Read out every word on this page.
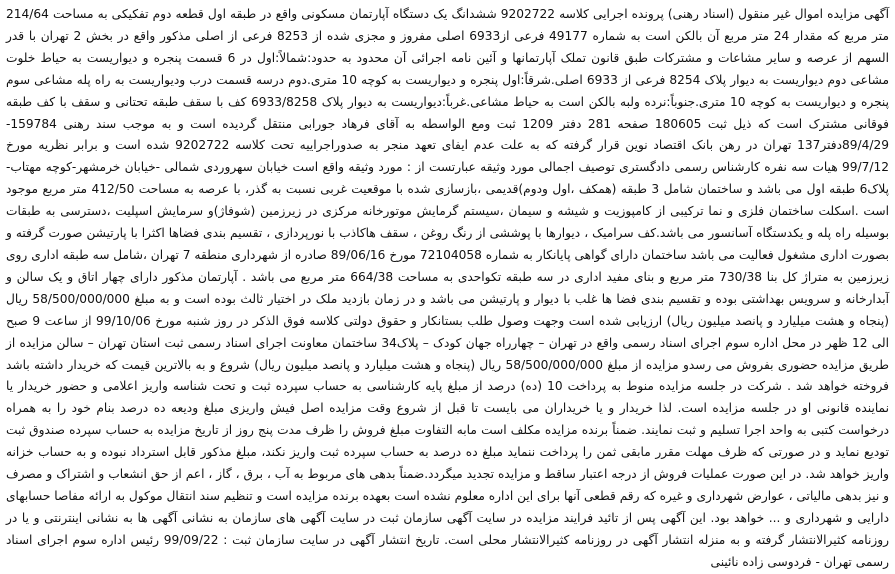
آگهی مزایده اموال غیر منقول (اسناد رهنی) پرونده اجرایی کلاسه 9202722 ششدانگ یک دستگاه آپارتمان مسکونی واقع در طبقه اول قطعه دوم تفکیکی به مساحت 214/64 متر مربع که مقدار 24 متر مربع آن بالکن است به شماره 49177 فرعی از6933 اصلی مفروز و مجزی شده از 8253 فرعی از اصلی مذکور واقع در بخش 2 تهران با قدر السهم از عرصه و سایر مشاعات و مشترکات طبق قانون تملک آپارتمانها و آئین نامه اجرائی آن محدود به حدود:شمالاً:اول در 6 قسمت پنجره و دیواریست به حیاط خلوت مشاعی دوم دیواریست به دیوار پلاک 8254 فرعی از 6933 اصلی.شرقاً:اول پنجره و دیواریست به کوچه 10 متری.دوم درسه قسمت درب ودیواریست به راه پله مشاعی سوم پنجره و دیواریست به کوچه 10 متری.جنوباً:نرده ولبه بالکن است به حیاط مشاعی.غرباً:دیواریست به دیوار پلاک 6933/8258 کف با سقف طبقه تحتانی و سقف با کف طبقه فوقانی مشترک است که ذیل ثبت 180605 صفحه 281 دفتر 1209 ثبت ومع الواسطه به آقای فرهاد جورابی منتقل گردیده است و به موجب سند رهنی 159784-89/4/29دفتر137 تهران در رهن بانک اقتصاد نوین قرار گرفته که به علت عدم ایفای تعهد منجر به صدوراجراییه تحت کلاسه 9202722 شده است و برابر نظریه مورخ 99/7/12 هیات سه نفره کارشناس رسمی دادگستری توصیف اجمالی مورد وثیقه عبارتست از : مورد وثیقه واقع است خیابان سهروردی شمالی -خیابان خرمشهر-کوچه مهتاب-پلاک6 طبقه اول می باشد و ساختمان شامل 3 طبقه (همکف ،اول ودوم)قدیمی ،بازسازی شده با موقعیت غربی نسبت به گذر، با عرصه به مساحت 412/50 متر مربع موجود است .اسکلت ساختمان فلزی و نما ترکیبی از کامپوزیت و شیشه و سیمان ،سیستم گرمایش موتورخانه مرکزی در زیرزمین (شوفاژ)و سرمایش اسپلیت ،دسترسی به طبقات بوسیله راه پله و یکدستگاه آسانسور می باشد.کف سرامیک ، دیوارها با پوششی از رنگ روغن ، سقف هاکاذب با نورپردازی ، تقسیم بندی فضاها اکثرا با پارتیشن صورت گرفته و بصورت اداری مشغول فعالیت می باشد ساختمان دارای گواهی پایانکار به شماره 72104058 مورخ 89/06/16 صادره از شهرداری منطقه 7 تهران ،شامل سه طبقه اداری روی زیرزمین به متراژ کل بنا 730/38 متر مربع و بنای مفید اداری در سه طبقه تکواحدی به مساحت 664/38 متر مربع می باشد . آپارتمان مذکور دارای چهار اتاق و یک سالن و آبدارخانه و سرویس بهداشتی بوده و تقسیم بندی فضا ها غلب با دیوار و پارتیشن می باشد و در زمان بازدید ملک در اختیار ثالث بوده است و به مبلغ 58/500/000/000 ریال (پنجاه و هشت میلیارد و پانصد میلیون ریال) ارزیابی شده است وجهت وصول طلب بستانکار و حقوق دولتی کلاسه فوق الذکر در روز شنبه مورخ 99/10/06 از ساعت 9 صبح الی 12 ظهر در محل اداره سوم اجرای اسناد رسمی واقع در تهران – چهارراه جهان کودک – پلاک34 ساختمان معاونت اجرای اسناد رسمی ثبت استان تهران – سالن مزایده از طریق مزایده حضوری بفروش می رسدو مزایده از مبلغ 58/500/000/000 ریال (پنجاه و هشت میلیارد و پانصد میلیون ریال) شروع و به بالاترین قیمت که خریدار داشته باشد فروخته خواهد شد . شرکت در جلسه مزایده منوط به پرداخت 10 (ده) درصد از مبلغ پایه کارشناسی به حساب سپرده ثبت و تحت شناسه واریز اعلامی و حضور خریدار یا نماینده قانونی او در جلسه مزایده است. لذا خریدار و یا خریداران می بایست تا قبل از شروع وقت مزایده اصل فیش واریزی مبلغ ودیعه ده درصد بنام خود را به همراه درخواست کتبی به واحد اجرا تسلیم و ثبت نمایند. ضمناً برنده مزایده مکلف است مابه التفاوت مبلغ فروش را ظرف مدت پنج روز از تاریخ مزایده به حساب سپرده صندوق ثبت تودیع نماید و در صورتی که ظرف مهلت مقرر مابقی ثمن را پرداخت ننماید مبلغ ده درصد به حساب سپرده ثبت واریز نکند، مبلغ مذکور قابل استرداد نبوده و به حساب خزانه واریز خواهد شد. در این صورت عملیات فروش از درجه اعتبار ساقط و مزایده تجدید میگردد.ضمناً بدهی های مربوط به آب ، برق ، گاز ، اعم از حق انشعاب و اشتراک و مصرف و نیز بدهی مالیاتی ، عوارض شهرداری و غیره که رقم قطعی آنها برای این اداره معلوم نشده است بعهده برنده مزایده است و تنظیم سند انتقال موکول به ارائه مفاصا حسابهای دارایی و شهرداری و ... خواهد بود. این آگهی پس از تائید فرایند مزایده در سایت آگهی سازمان ثبت در سایت آگهی های سازمان به نشانی آگهی ها به نشانی اینترنتی و یا در روزنامه کثیرالانتشار گرفته و به منزله انتشار آگهی در روزنامه کثیرالانتشار محلی است. تاریخ انتشار آگهی در سایت سازمان ثبت : 99/09/22 رئیس اداره سوم اجرای اسناد رسمی تهران - فردوسی زاده نائینی
